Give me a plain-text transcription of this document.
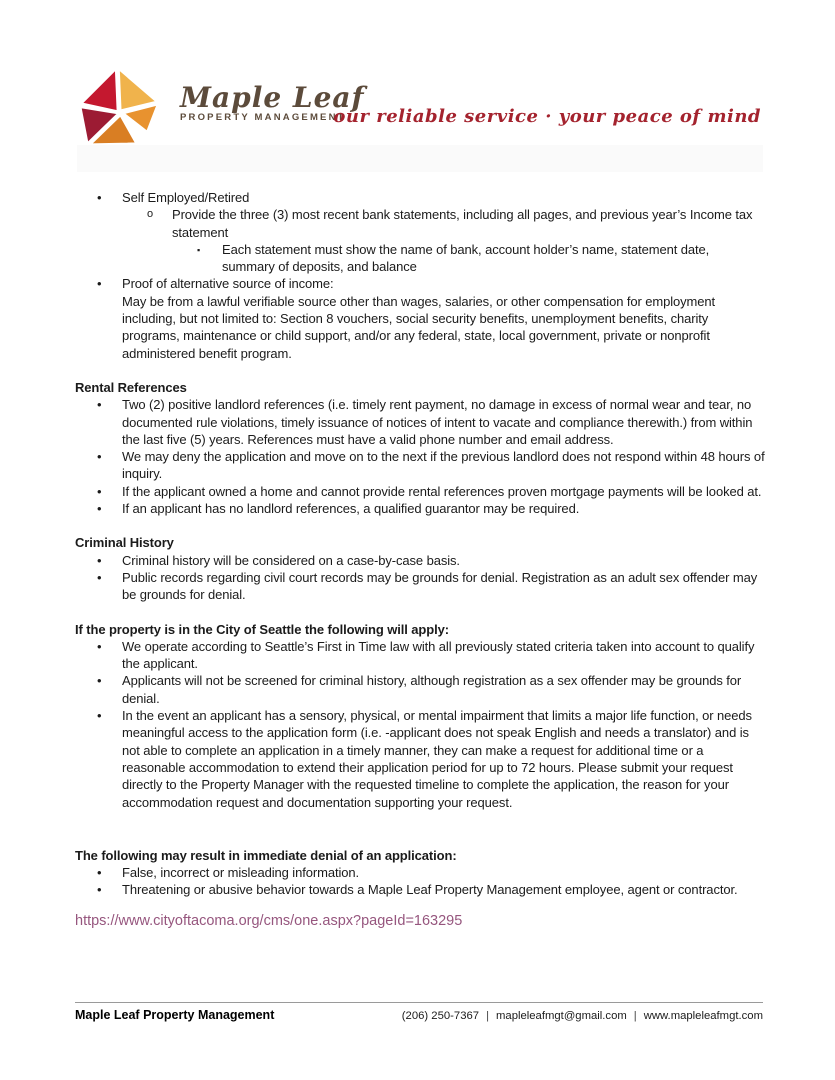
Maple Leaf
PROPERTY MANAGEMENT
our reliable service · your peace of mind
• Self Employed/Retired
o Provide the three (3) most recent bank statements, including all pages, and previous year’s Income tax statement
▪ Each statement must show the name of bank, account holder’s name, statement date, summary of deposits, and balance
• Proof of alternative source of income:
May be from a lawful verifiable source other than wages, salaries, or other compensation for employment including, but not limited to: Section 8 vouchers, social security benefits, unemployment benefits, charity programs, maintenance or child support, and/or any federal, state, local government, private or nonprofit administered benefit program.
Rental References
• Two (2) positive landlord references (i.e. timely rent payment, no damage in excess of normal wear and tear, no documented rule violations, timely issuance of notices of intent to vacate and compliance therewith.) from within the last five (5) years. References must have a valid phone number and email address.
• We may deny the application and move on to the next if the previous landlord does not respond within 48 hours of inquiry.
• If the applicant owned a home and cannot provide rental references proven mortgage payments will be looked at.
• If an applicant has no landlord references, a qualified guarantor may be required.
Criminal History
• Criminal history will be considered on a case-by-case basis.
• Public records regarding civil court records may be grounds for denial. Registration as an adult sex offender may be grounds for denial.
If the property is in the City of Seattle the following will apply:
• We operate according to Seattle’s First in Time law with all previously stated criteria taken into account to qualify the applicant.
• Applicants will not be screened for criminal history, although registration as a sex offender may be grounds for denial.
• In the event an applicant has a sensory, physical, or mental impairment that limits a major life function, or needs meaningful access to the application form (i.e. -applicant does not speak English and needs a translator) and is not able to complete an application in a timely manner, they can make a request for additional time or a reasonable accommodation to extend their application period for up to 72 hours. Please submit your request directly to the Property Manager with the requested timeline to complete the application, the reason for your accommodation request and documentation supporting your request.
The following may result in immediate denial of an application:
• False, incorrect or misleading information.
• Threatening or abusive behavior towards a Maple Leaf Property Management employee, agent or contractor.
https://www.cityoftacoma.org/cms/one.aspx?pageId=163295
Maple Leaf Property Management	(206) 250-7367 | mapleleafmgt@gmail.com | www.mapleleafmgt.com
